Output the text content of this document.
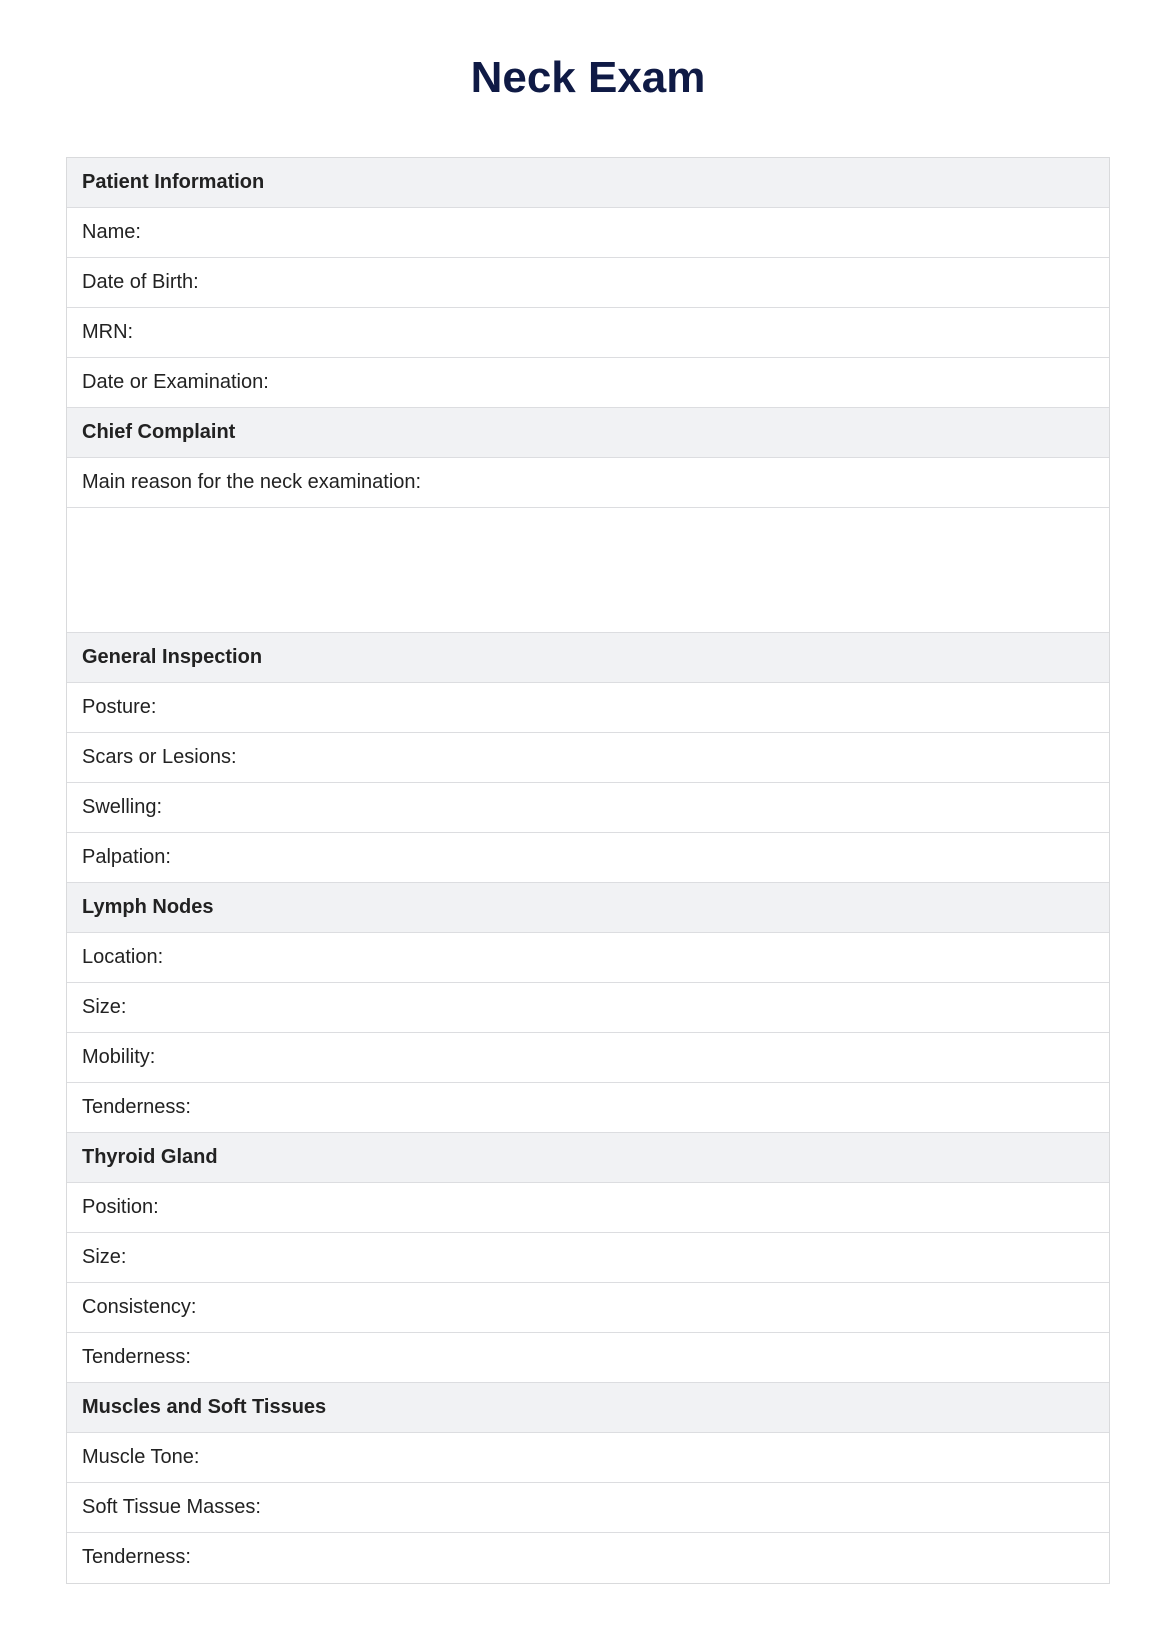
Neck Exam
Patient Information
Name:
Date of Birth:
MRN:
Date or Examination:
Chief Complaint
Main reason for the neck examination:
General Inspection
Posture:
Scars or Lesions:
Swelling:
Palpation:
Lymph Nodes
Location:
Size:
Mobility:
Tenderness:
Thyroid Gland
Position:
Size:
Consistency:
Tenderness:
Muscles and Soft Tissues
Muscle Tone:
Soft Tissue Masses:
Tenderness:
